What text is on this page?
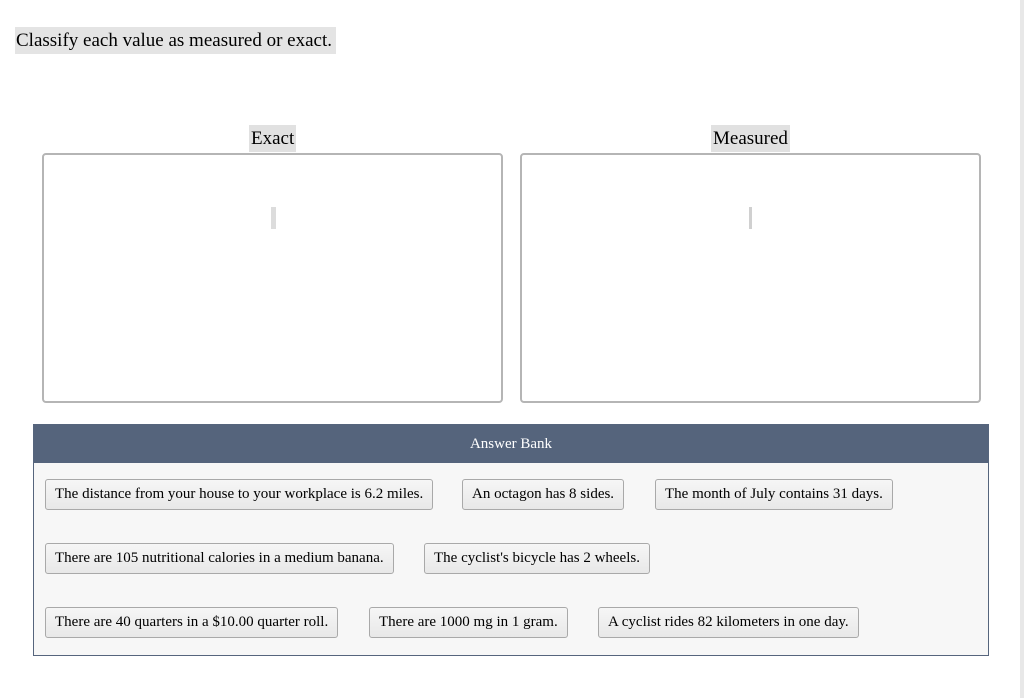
Classify each value as measured or exact.
Exact	Measured
Answer Bank
The distance from your house to your workplace is 6.2 miles.	An octagon has 8 sides.	The month of July contains 31 days.
There are 105 nutritional calories in a medium banana.	The cyclist's bicycle has 2 wheels.
There are 40 quarters in a $10.00 quarter roll.	There are 1000 mg in 1 gram.	A cyclist rides 82 kilometers in one day.
